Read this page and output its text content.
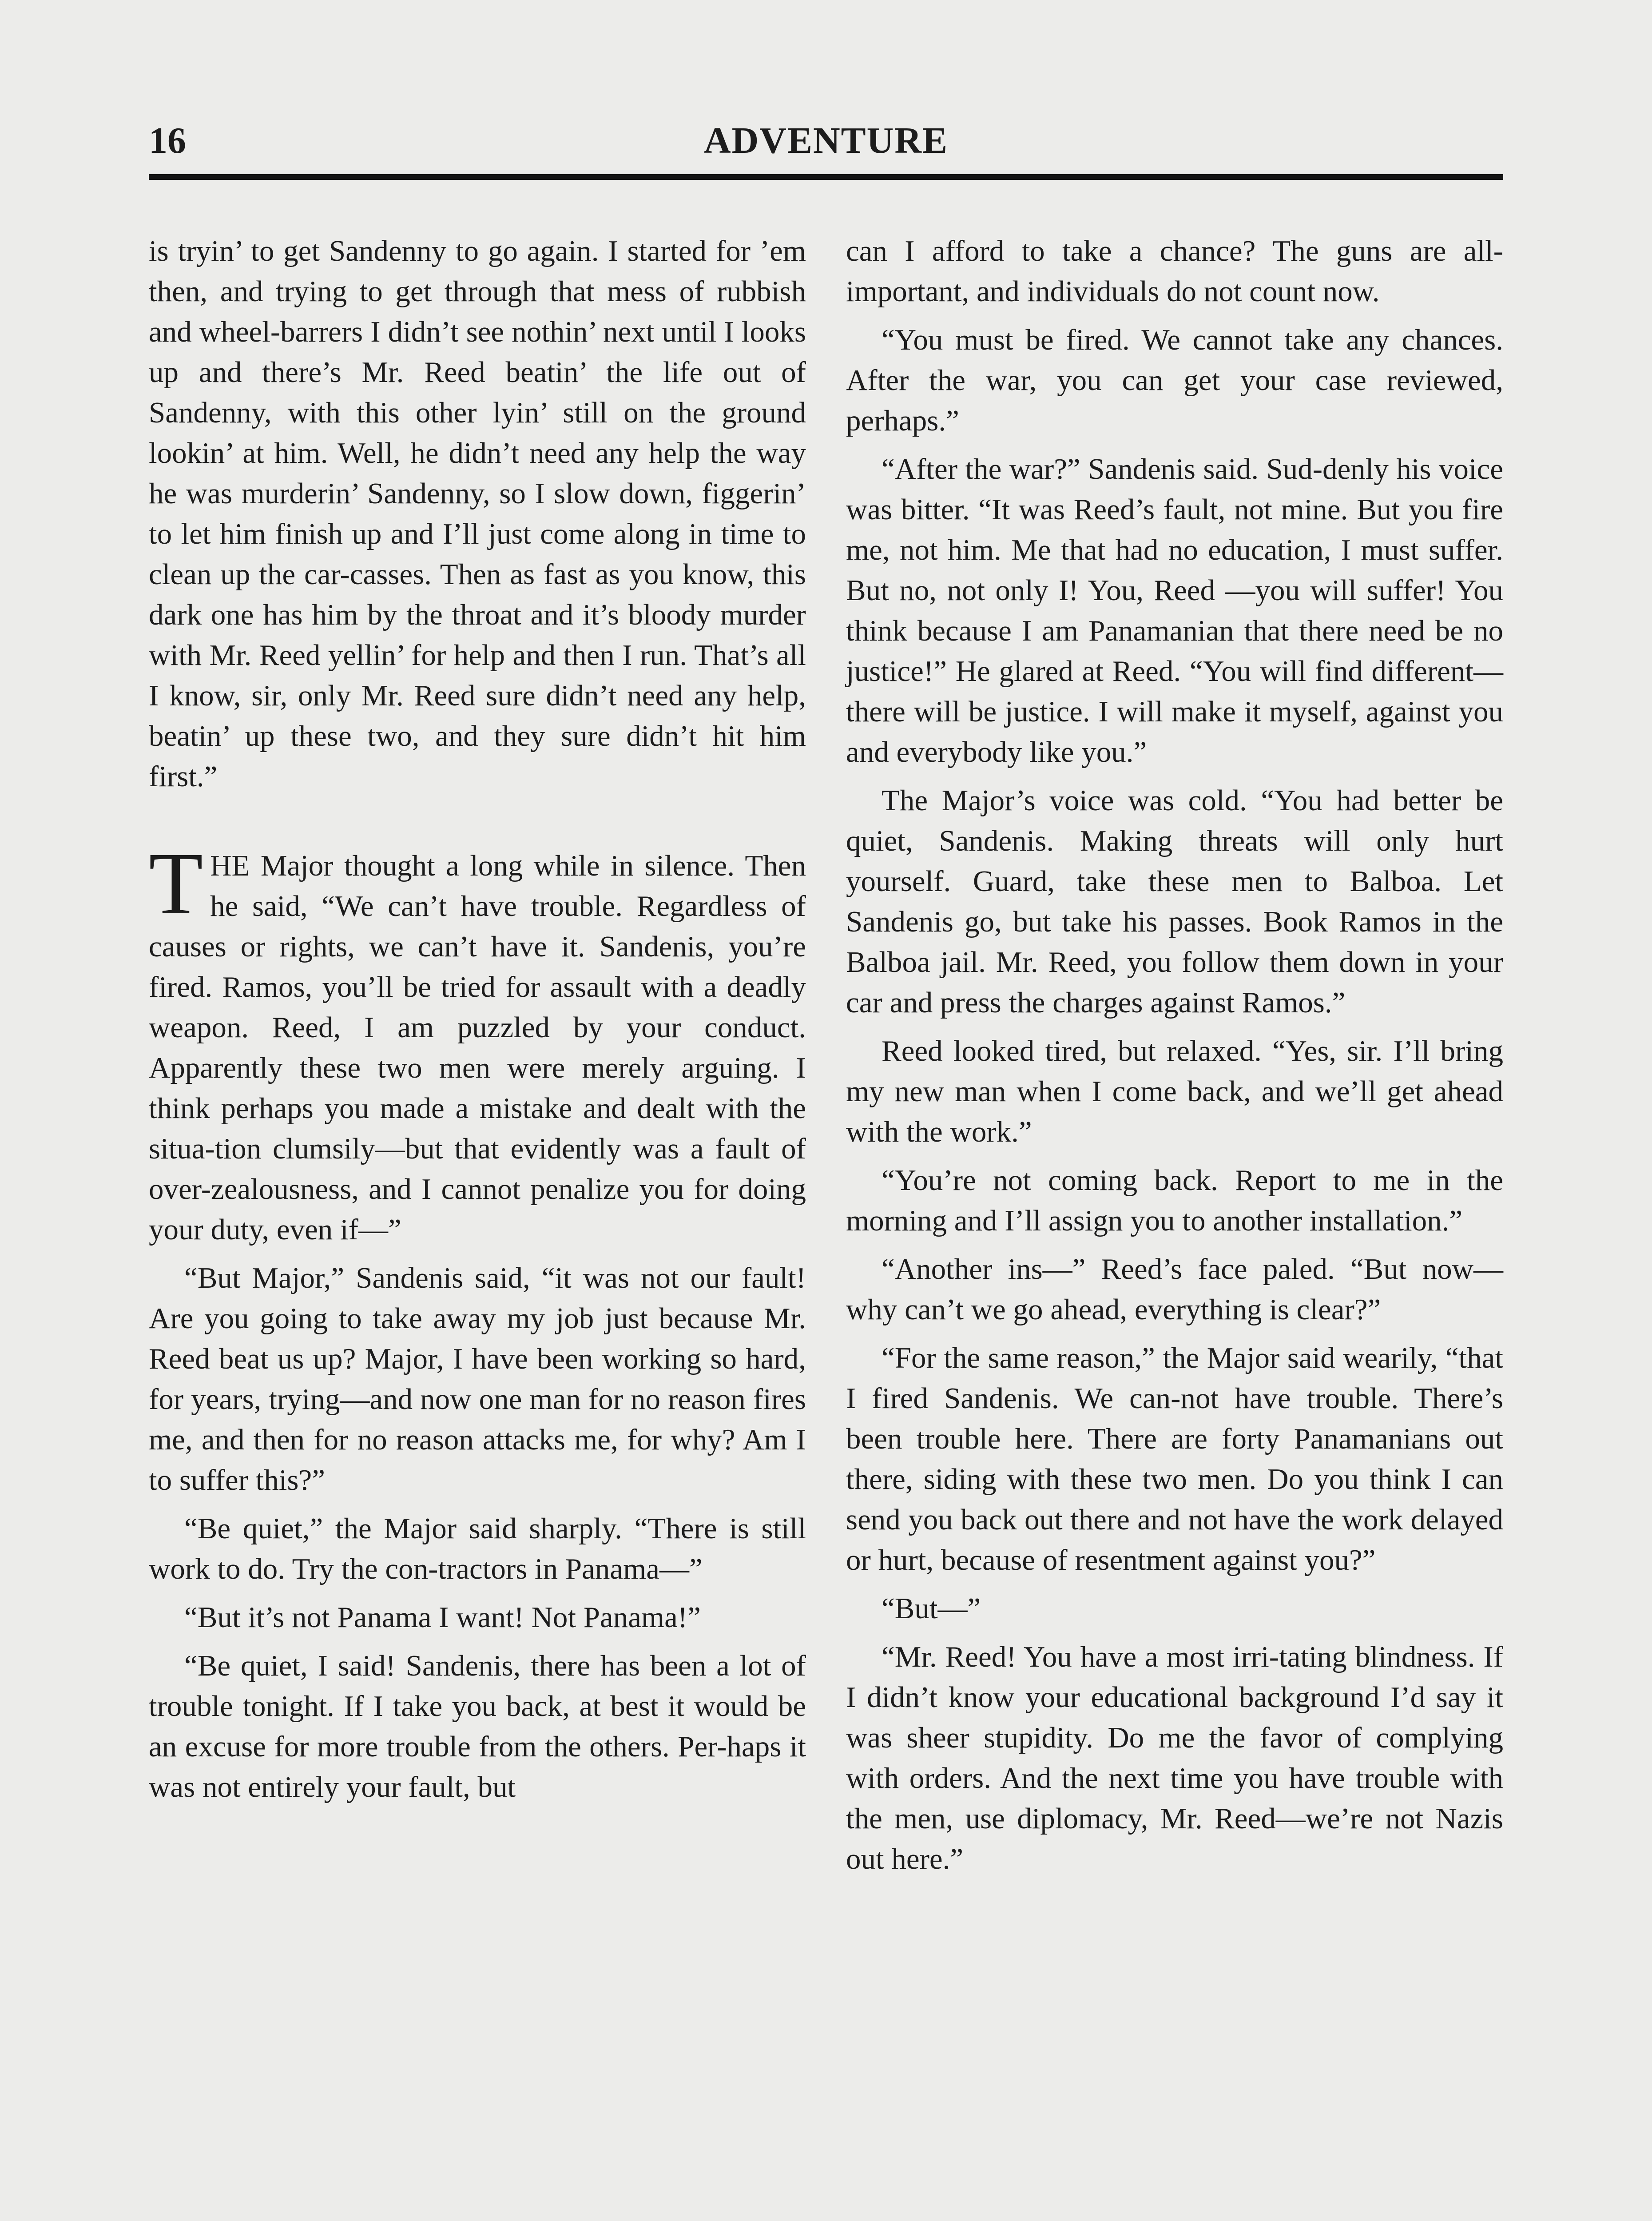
16	ADVENTURE

is tryin’ to get Sandenny to go again. I started for ’em then, and trying to get through that mess of rubbish and wheel-barrers I didn’t see nothin’ next until I looks up and there’s Mr. Reed beatin’ the life out of Sandenny, with this other lyin’ still on the ground lookin’ at him. Well, he didn’t need any help the way he was murderin’ Sandenny, so I slow down, figgerin’ to let him finish up and I’ll just come along in time to clean up the car-casses. Then as fast as you know, this dark one has him by the throat and it’s bloody murder with Mr. Reed yellin’ for help and then I run. That’s all I know, sir, only Mr. Reed sure didn’t need any help, beatin’ up these two, and they sure didn’t hit him first.”

THE Major thought a long while in silence. Then he said, “We can’t have trouble. Regardless of causes or rights, we can’t have it. Sandenis, you’re fired. Ramos, you’ll be tried for assault with a deadly weapon. Reed, I am puzzled by your conduct. Apparently these two men were merely arguing. I think perhaps you made a mistake and dealt with the situa-tion clumsily—but that evidently was a fault of over-zealousness, and I cannot penalize you for doing your duty, even if—”

“But Major,” Sandenis said, “it was not our fault! Are you going to take away my job just because Mr. Reed beat us up? Major, I have been working so hard, for years, trying—and now one man for no reason fires me, and then for no reason attacks me, for why? Am I to suffer this?”

“Be quiet,” the Major said sharply. “There is still work to do. Try the con-tractors in Panama—”

“But it’s not Panama I want! Not Panama!”

“Be quiet, I said! Sandenis, there has been a lot of trouble tonight. If I take you back, at best it would be an excuse for more trouble from the others. Per-haps it was not entirely your fault, but

can I afford to take a chance? The guns are all-important, and individuals do not count now.

“You must be fired. We cannot take any chances. After the war, you can get your case reviewed, perhaps.”

“After the war?” Sandenis said. Sud-denly his voice was bitter. “It was Reed’s fault, not mine. But you fire me, not him. Me that had no education, I must suffer. But no, not only I! You, Reed —you will suffer! You think because I am Panamanian that there need be no justice!” He glared at Reed. “You will find different—there will be justice. I will make it myself, against you and everybody like you.”

The Major’s voice was cold. “You had better be quiet, Sandenis. Making threats will only hurt yourself. Guard, take these men to Balboa. Let Sandenis go, but take his passes. Book Ramos in the Balboa jail. Mr. Reed, you follow them down in your car and press the charges against Ramos.”

Reed looked tired, but relaxed. “Yes, sir. I’ll bring my new man when I come back, and we’ll get ahead with the work.”

“You’re not coming back. Report to me in the morning and I’ll assign you to another installation.”

“Another ins—” Reed’s face paled. “But now—why can’t we go ahead, everything is clear?”

“For the same reason,” the Major said wearily, “that I fired Sandenis. We can-not have trouble. There’s been trouble here. There are forty Panamanians out there, siding with these two men. Do you think I can send you back out there and not have the work delayed or hurt, because of resentment against you?”

“But—”

“Mr. Reed! You have a most irri-tating blindness. If I didn’t know your educational background I’d say it was sheer stupidity. Do me the favor of complying with orders. And the next time you have trouble with the men, use diplomacy, Mr. Reed—we’re not Nazis out here.”
